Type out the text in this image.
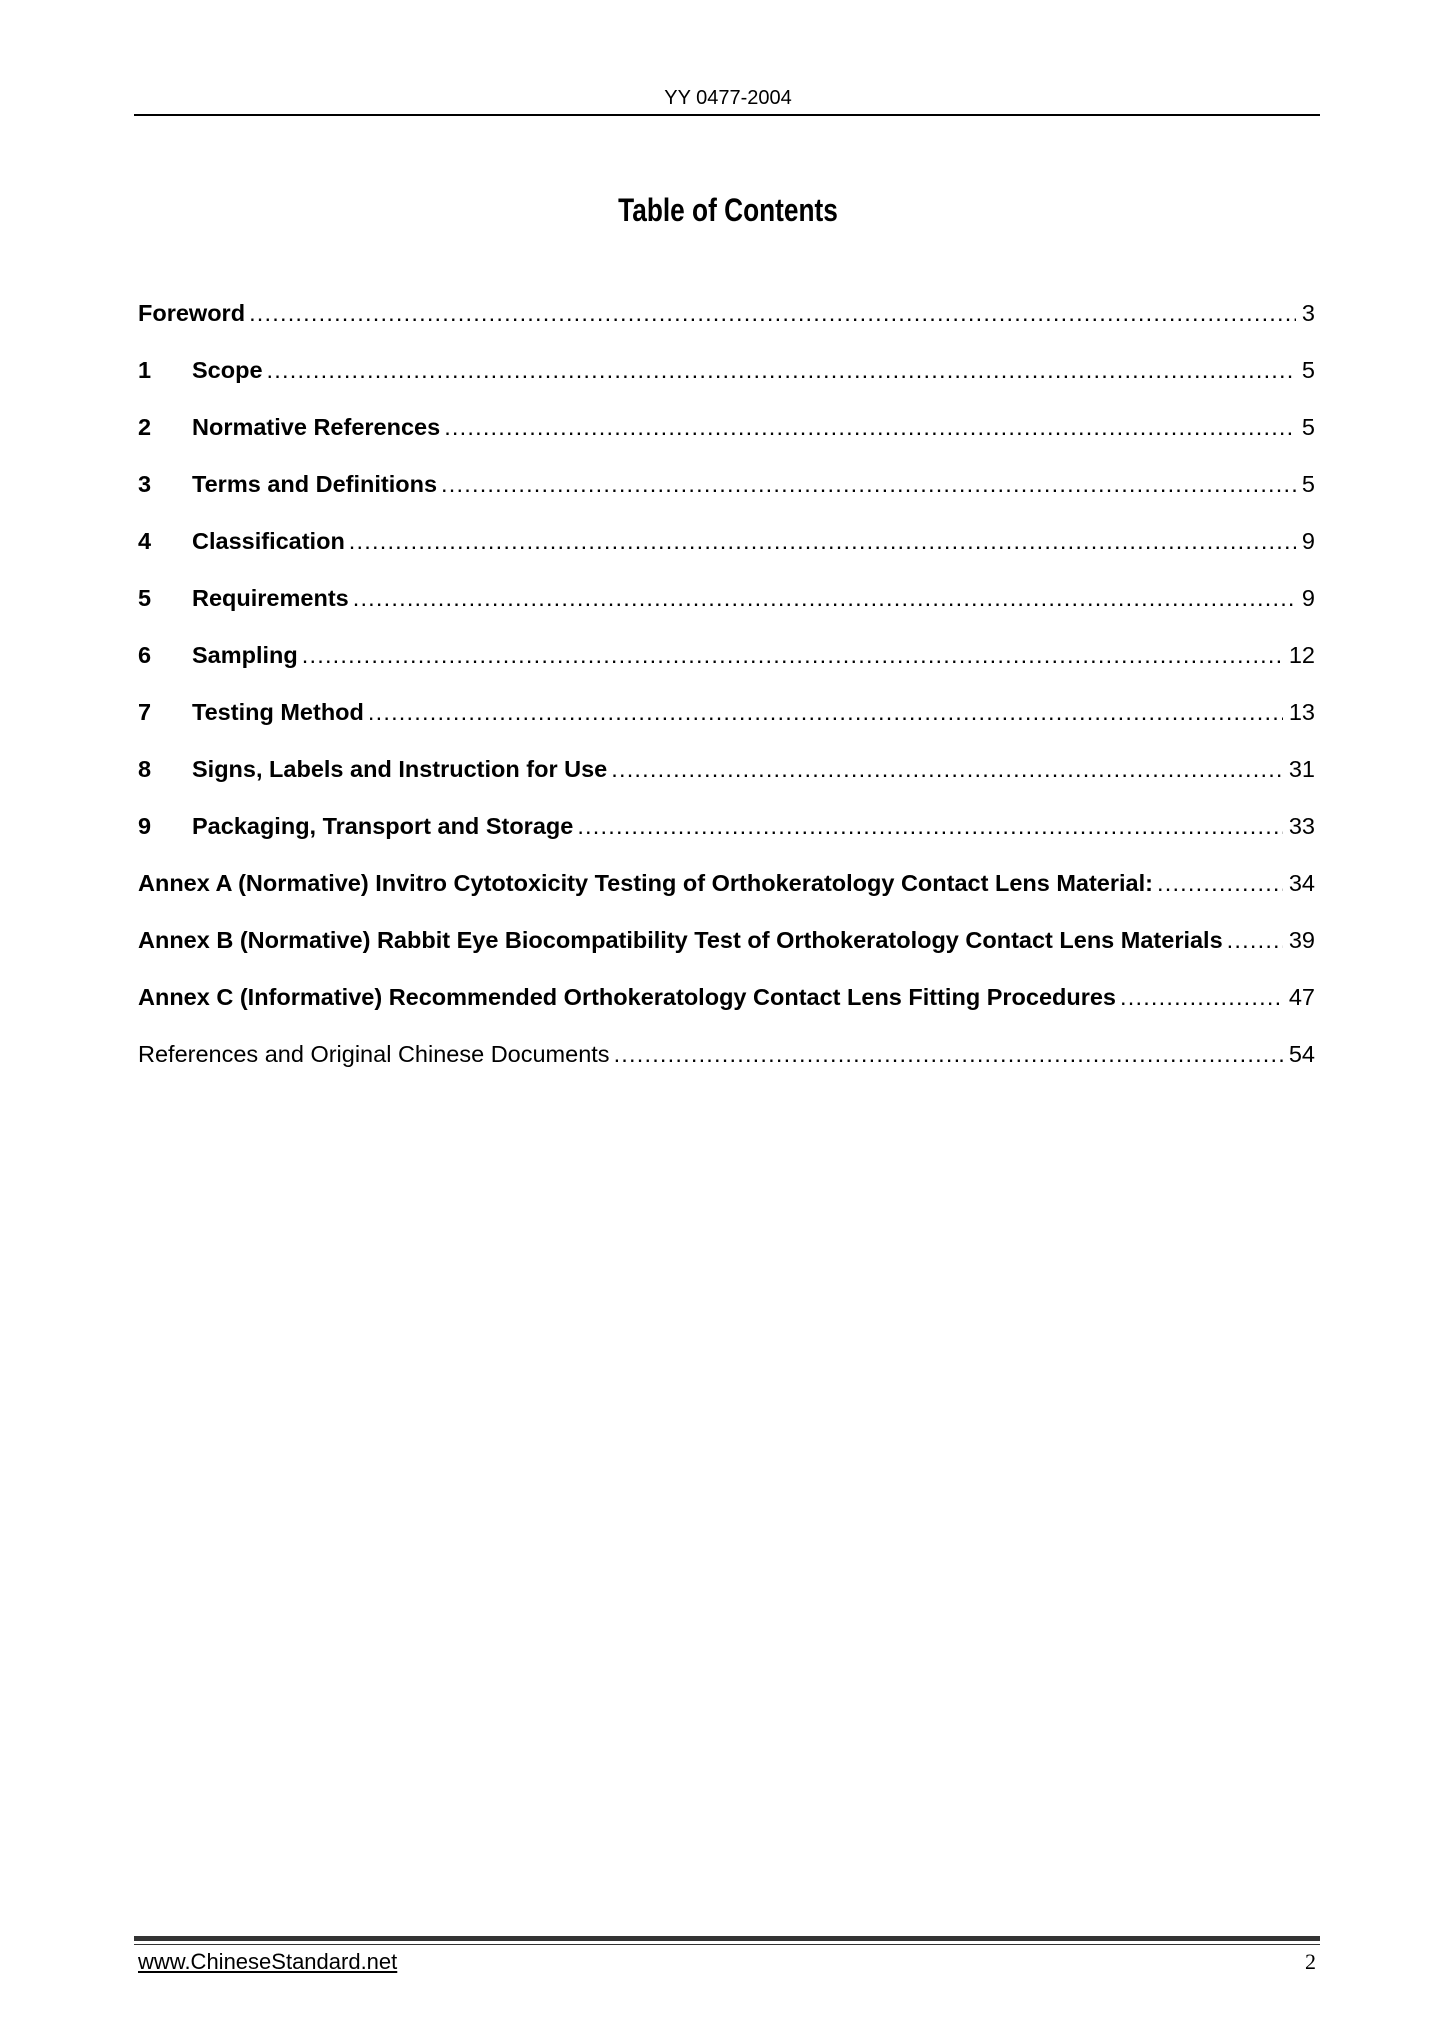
YY 0477-2004
Table of Contents
Foreword .....	3
1	Scope .....	5
2	Normative References .....	5
3	Terms and Definitions .....	5
4	Classification .....	9
5	Requirements .....	9
6	Sampling .....	12
7	Testing Method .....	13
8	Signs, Labels and Instruction for Use .....	31
9	Packaging, Transport and Storage .....	33
Annex A (Normative) Invitro Cytotoxicity Testing of Orthokeratology Contact Lens Material: .....	34
Annex B (Normative) Rabbit Eye Biocompatibility Test of Orthokeratology Contact Lens Materials .....	39
Annex C (Informative) Recommended Orthokeratology Contact Lens Fitting Procedures .....	47
References and Original Chinese Documents .....	54
www.ChineseStandard.net	2
